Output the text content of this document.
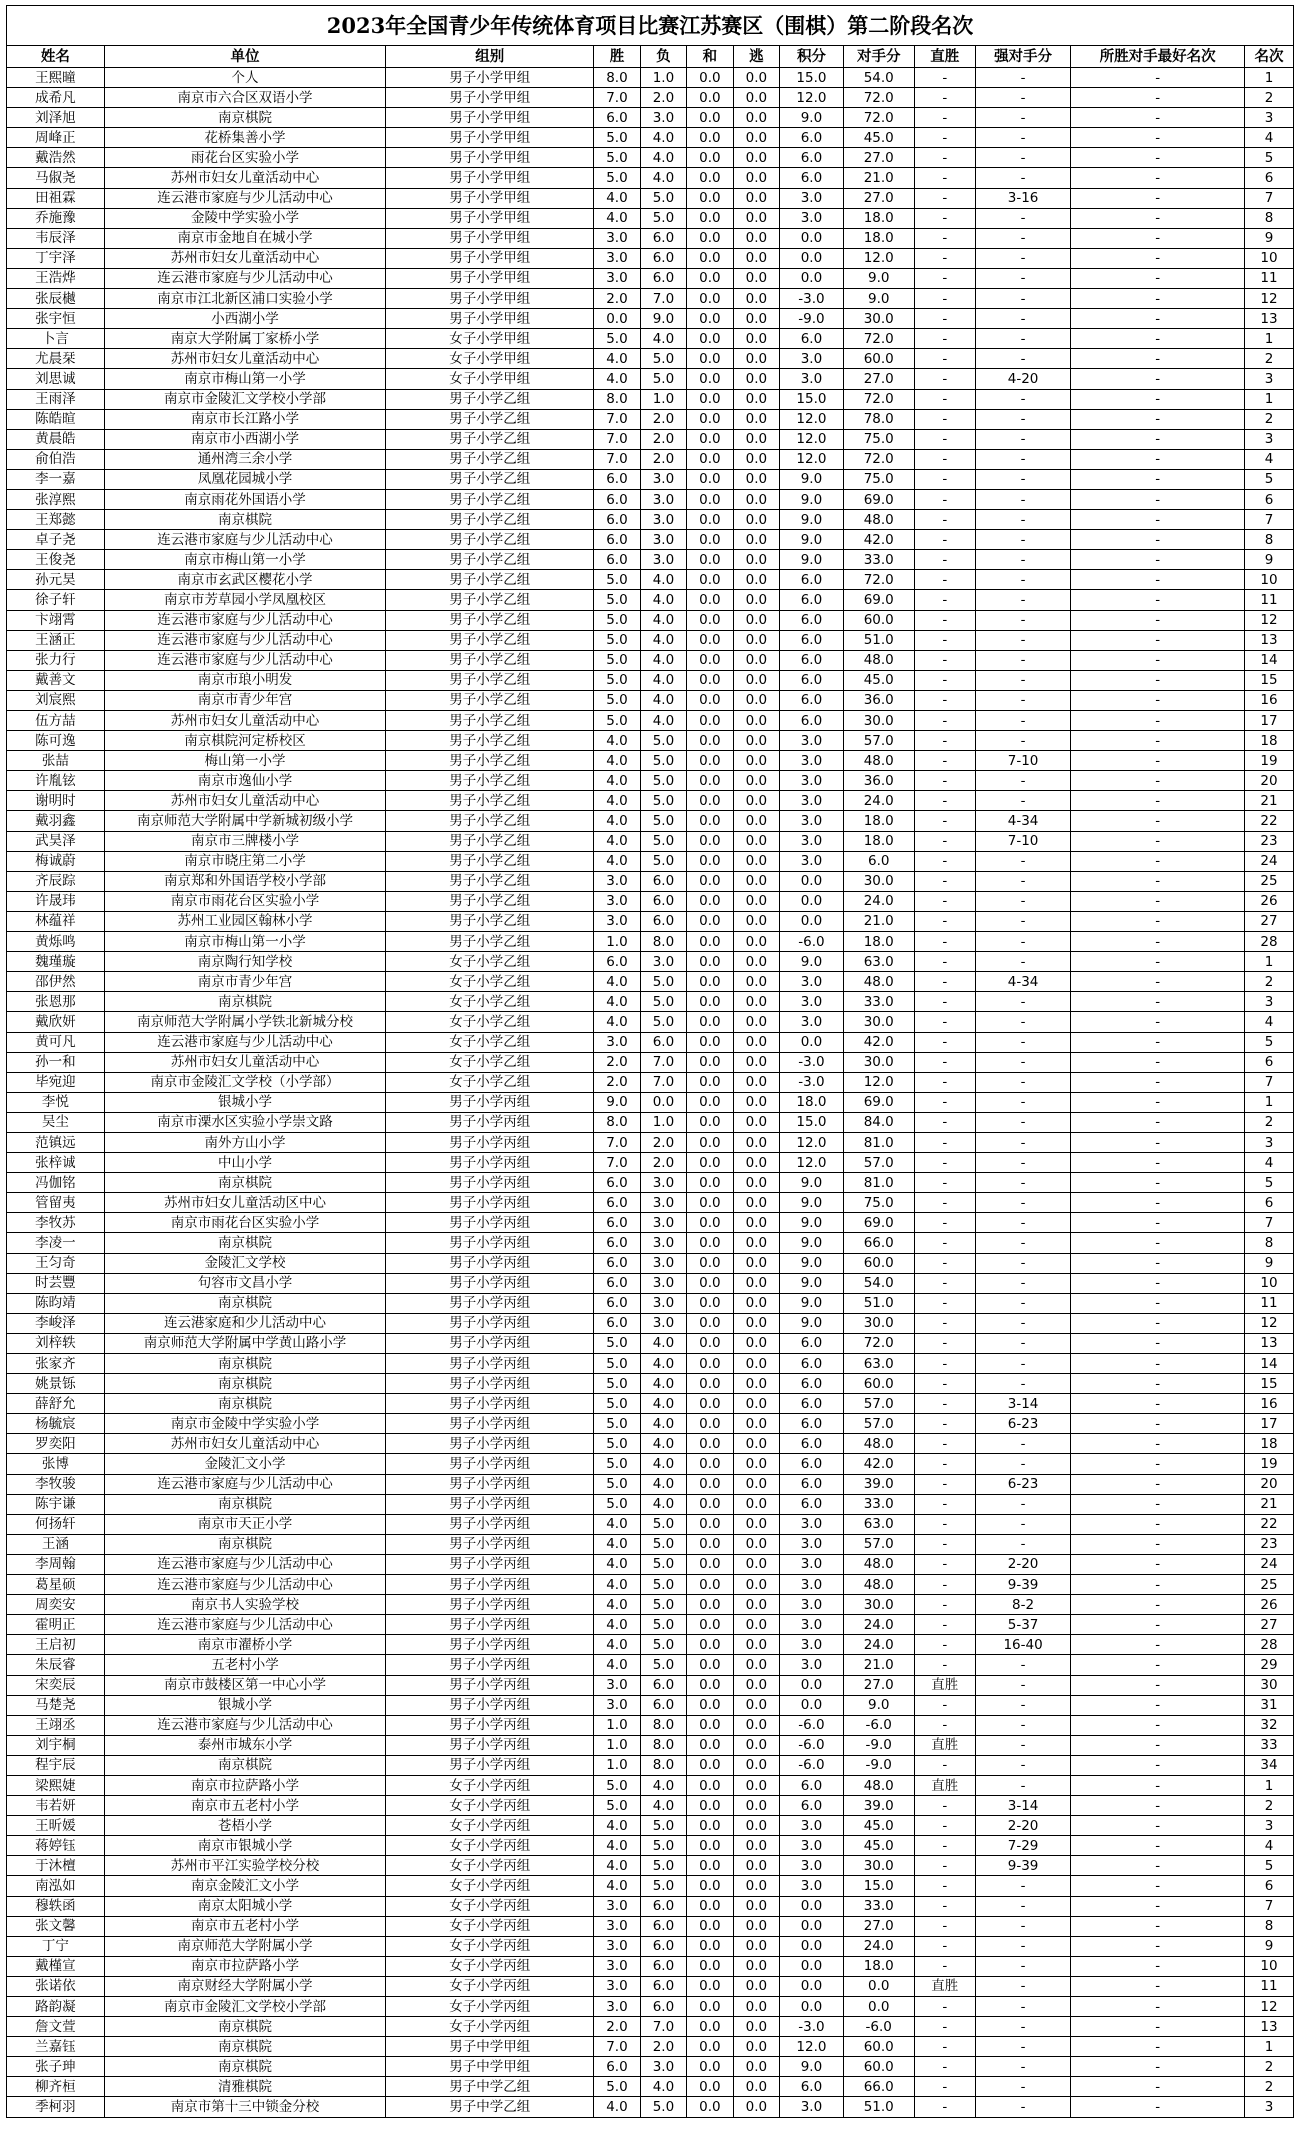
2023年全国青少年传统体育项目比赛江苏赛区（围棋）第二阶段名次
姓名	单位	组别	胜	负	和	逃	积分	对手分	直胜	强对手分	所胜对手最好名次	名次
王熙曈	个人	男子小学甲组	8.0	1.0	0.0	0.0	15.0	54.0	-	-	-	1
成希凡	南京市六合区双语小学	男子小学甲组	7.0	2.0	0.0	0.0	12.0	72.0	-	-	-	2
刘泽旭	南京棋院	男子小学甲组	6.0	3.0	0.0	0.0	9.0	72.0	-	-	-	3
周峰正	花桥集善小学	男子小学甲组	5.0	4.0	0.0	0.0	6.0	45.0	-	-	-	4
戴浩然	雨花台区实验小学	男子小学甲组	5.0	4.0	0.0	0.0	6.0	27.0	-	-	-	5
马俶尧	苏州市妇女儿童活动中心	男子小学甲组	5.0	4.0	0.0	0.0	6.0	21.0	-	-	-	6
田祖霖	连云港市家庭与少儿活动中心	男子小学甲组	4.0	5.0	0.0	0.0	3.0	27.0	-	3-16	-	7
乔施豫	金陵中学实验小学	男子小学甲组	4.0	5.0	0.0	0.0	3.0	18.0	-	-	-	8
韦辰泽	南京市金地自在城小学	男子小学甲组	3.0	6.0	0.0	0.0	0.0	18.0	-	-	-	9
丁宇泽	苏州市妇女儿童活动中心	男子小学甲组	3.0	6.0	0.0	0.0	0.0	12.0	-	-	-	10
王浩烨	连云港市家庭与少儿活动中心	男子小学甲组	3.0	6.0	0.0	0.0	0.0	9.0	-	-	-	11
张辰樾	南京市江北新区浦口实验小学	男子小学甲组	2.0	7.0	0.0	0.0	-3.0	9.0	-	-	-	12
张宇恒	小西湖小学	男子小学甲组	0.0	9.0	0.0	0.0	-9.0	30.0	-	-	-	13
卜言	南京大学附属丁家桥小学	女子小学甲组	5.0	4.0	0.0	0.0	6.0	72.0	-	-	-	1
尤晨栞	苏州市妇女儿童活动中心	女子小学甲组	4.0	5.0	0.0	0.0	3.0	60.0	-	-	-	2
刘思诚	南京市梅山第一小学	女子小学甲组	4.0	5.0	0.0	0.0	3.0	27.0	-	4-20	-	3
王雨泽	南京市金陵汇文学校小学部	男子小学乙组	8.0	1.0	0.0	0.0	15.0	72.0	-	-	-	1
陈皓暄	南京市长江路小学	男子小学乙组	7.0	2.0	0.0	0.0	12.0	78.0	-	-	-	2
黄晨皓	南京市小西湖小学	男子小学乙组	7.0	2.0	0.0	0.0	12.0	75.0	-	-	-	3
俞伯浩	通州湾三余小学	男子小学乙组	7.0	2.0	0.0	0.0	12.0	72.0	-	-	-	4
李一嘉	凤凰花园城小学	男子小学乙组	6.0	3.0	0.0	0.0	9.0	75.0	-	-	-	5
张淳熙	南京雨花外国语小学	男子小学乙组	6.0	3.0	0.0	0.0	9.0	69.0	-	-	-	6
王郑懿	南京棋院	男子小学乙组	6.0	3.0	0.0	0.0	9.0	48.0	-	-	-	7
卓子尧	连云港市家庭与少儿活动中心	男子小学乙组	6.0	3.0	0.0	0.0	9.0	42.0	-	-	-	8
王俊尧	南京市梅山第一小学	男子小学乙组	6.0	3.0	0.0	0.0	9.0	33.0	-	-	-	9
孙元昊	南京市玄武区樱花小学	男子小学乙组	5.0	4.0	0.0	0.0	6.0	72.0	-	-	-	10
徐子轩	南京市芳草园小学凤凰校区	男子小学乙组	5.0	4.0	0.0	0.0	6.0	69.0	-	-	-	11
卞翊霄	连云港市家庭与少儿活动中心	男子小学乙组	5.0	4.0	0.0	0.0	6.0	60.0	-	-	-	12
王涵正	连云港市家庭与少儿活动中心	男子小学乙组	5.0	4.0	0.0	0.0	6.0	51.0	-	-	-	13
张力行	连云港市家庭与少儿活动中心	男子小学乙组	5.0	4.0	0.0	0.0	6.0	48.0	-	-	-	14
戴善文	南京市琅小明发	男子小学乙组	5.0	4.0	0.0	0.0	6.0	45.0	-	-	-	15
刘宸熙	南京市青少年宫	男子小学乙组	5.0	4.0	0.0	0.0	6.0	36.0	-	-	-	16
伍方喆	苏州市妇女儿童活动中心	男子小学乙组	5.0	4.0	0.0	0.0	6.0	30.0	-	-	-	17
陈可逸	南京棋院河定桥校区	男子小学乙组	4.0	5.0	0.0	0.0	3.0	57.0	-	-	-	18
张喆	梅山第一小学	男子小学乙组	4.0	5.0	0.0	0.0	3.0	48.0	-	7-10	-	19
许胤铉	南京市逸仙小学	男子小学乙组	4.0	5.0	0.0	0.0	3.0	36.0	-	-	-	20
谢明时	苏州市妇女儿童活动中心	男子小学乙组	4.0	5.0	0.0	0.0	3.0	24.0	-	-	-	21
戴羽鑫	南京师范大学附属中学新城初级小学	男子小学乙组	4.0	5.0	0.0	0.0	3.0	18.0	-	4-34	-	22
武昊泽	南京市三牌楼小学	男子小学乙组	4.0	5.0	0.0	0.0	3.0	18.0	-	7-10	-	23
梅诚蔚	南京市晓庄第二小学	男子小学乙组	4.0	5.0	0.0	0.0	3.0	6.0	-	-	-	24
齐辰踪	南京郑和外国语学校小学部	男子小学乙组	3.0	6.0	0.0	0.0	0.0	30.0	-	-	-	25
许晟玮	南京市雨花台区实验小学	男子小学乙组	3.0	6.0	0.0	0.0	0.0	24.0	-	-	-	26
林蕴祥	苏州工业园区翰林小学	男子小学乙组	3.0	6.0	0.0	0.0	0.0	21.0	-	-	-	27
黄烁鸣	南京市梅山第一小学	男子小学乙组	1.0	8.0	0.0	0.0	-6.0	18.0	-	-	-	28
魏瑾璇	南京陶行知学校	女子小学乙组	6.0	3.0	0.0	0.0	9.0	63.0	-	-	-	1
邵伊然	南京市青少年宫	女子小学乙组	4.0	5.0	0.0	0.0	3.0	48.0	-	4-34	-	2
张恩那	南京棋院	女子小学乙组	4.0	5.0	0.0	0.0	3.0	33.0	-	-	-	3
戴欣妍	南京师范大学附属小学铁北新城分校	女子小学乙组	4.0	5.0	0.0	0.0	3.0	30.0	-	-	-	4
黄可凡	连云港市家庭与少儿活动中心	女子小学乙组	3.0	6.0	0.0	0.0	0.0	42.0	-	-	-	5
孙一和	苏州市妇女儿童活动中心	女子小学乙组	2.0	7.0	0.0	0.0	-3.0	30.0	-	-	-	6
毕宛迎	南京市金陵汇文学校（小学部）	女子小学乙组	2.0	7.0	0.0	0.0	-3.0	12.0	-	-	-	7
李悦	银城小学	男子小学丙组	9.0	0.0	0.0	0.0	18.0	69.0	-	-	-	1
吴尘	南京市溧水区实验小学崇文路	男子小学丙组	8.0	1.0	0.0	0.0	15.0	84.0	-	-	-	2
范镇远	南外方山小学	男子小学丙组	7.0	2.0	0.0	0.0	12.0	81.0	-	-	-	3
张梓诚	中山小学	男子小学丙组	7.0	2.0	0.0	0.0	12.0	57.0	-	-	-	4
冯伽铭	南京棋院	男子小学丙组	6.0	3.0	0.0	0.0	9.0	81.0	-	-	-	5
管留夷	苏州市妇女儿童活动区中心	男子小学丙组	6.0	3.0	0.0	0.0	9.0	75.0	-	-	-	6
李牧苏	南京市雨花台区实验小学	男子小学丙组	6.0	3.0	0.0	0.0	9.0	69.0	-	-	-	7
李凌一	南京棋院	男子小学丙组	6.0	3.0	0.0	0.0	9.0	66.0	-	-	-	8
王匀奇	金陵汇文学校	男子小学丙组	6.0	3.0	0.0	0.0	9.0	60.0	-	-	-	9
时芸豐	句容市文昌小学	男子小学丙组	6.0	3.0	0.0	0.0	9.0	54.0	-	-	-	10
陈昀靖	南京棋院	男子小学丙组	6.0	3.0	0.0	0.0	9.0	51.0	-	-	-	11
李峻泽	连云港家庭和少儿活动中心	男子小学丙组	6.0	3.0	0.0	0.0	9.0	30.0	-	-	-	12
刘梓轶	南京师范大学附属中学黄山路小学	男子小学丙组	5.0	4.0	0.0	0.0	6.0	72.0	-	-	-	13
张家齐	南京棋院	男子小学丙组	5.0	4.0	0.0	0.0	6.0	63.0	-	-	-	14
姚景铄	南京棋院	男子小学丙组	5.0	4.0	0.0	0.0	6.0	60.0	-	-	-	15
薛舒允	南京棋院	男子小学丙组	5.0	4.0	0.0	0.0	6.0	57.0	-	3-14	-	16
杨毓宸	南京市金陵中学实验小学	男子小学丙组	5.0	4.0	0.0	0.0	6.0	57.0	-	6-23	-	17
罗奕阳	苏州市妇女儿童活动中心	男子小学丙组	5.0	4.0	0.0	0.0	6.0	48.0	-	-	-	18
张博	金陵汇文小学	男子小学丙组	5.0	4.0	0.0	0.0	6.0	42.0	-	-	-	19
李牧骏	连云港市家庭与少儿活动中心	男子小学丙组	5.0	4.0	0.0	0.0	6.0	39.0	-	6-23	-	20
陈宇谦	南京棋院	男子小学丙组	5.0	4.0	0.0	0.0	6.0	33.0	-	-	-	21
何扬轩	南京市天正小学	男子小学丙组	4.0	5.0	0.0	0.0	3.0	63.0	-	-	-	22
王涵	南京棋院	男子小学丙组	4.0	5.0	0.0	0.0	3.0	57.0	-	-	-	23
李周翰	连云港市家庭与少儿活动中心	男子小学丙组	4.0	5.0	0.0	0.0	3.0	48.0	-	2-20	-	24
葛星硕	连云港市家庭与少儿活动中心	男子小学丙组	4.0	5.0	0.0	0.0	3.0	48.0	-	9-39	-	25
周奕安	南京书人实验学校	男子小学丙组	4.0	5.0	0.0	0.0	3.0	30.0	-	8-2	-	26
霍明正	连云港市家庭与少儿活动中心	男子小学丙组	4.0	5.0	0.0	0.0	3.0	24.0	-	5-37	-	27
王启初	南京市濯桥小学	男子小学丙组	4.0	5.0	0.0	0.0	3.0	24.0	-	16-40	-	28
朱辰睿	五老村小学	男子小学丙组	4.0	5.0	0.0	0.0	3.0	21.0	-	-	-	29
宋奕辰	南京市鼓楼区第一中心小学	男子小学丙组	3.0	6.0	0.0	0.0	0.0	27.0	直胜	-	-	30
马楚尧	银城小学	男子小学丙组	3.0	6.0	0.0	0.0	0.0	9.0	-	-	-	31
王翊丞	连云港市家庭与少儿活动中心	男子小学丙组	1.0	8.0	0.0	0.0	-6.0	-6.0	-	-	-	32
刘宇桐	泰州市城东小学	男子小学丙组	1.0	8.0	0.0	0.0	-6.0	-9.0	直胜	-	-	33
程宇辰	南京棋院	男子小学丙组	1.0	8.0	0.0	0.0	-6.0	-9.0	-	-	-	34
梁熙婕	南京市拉萨路小学	女子小学丙组	5.0	4.0	0.0	0.0	6.0	48.0	直胜	-	-	1
韦若妍	南京市五老村小学	女子小学丙组	5.0	4.0	0.0	0.0	6.0	39.0	-	3-14	-	2
王昕媛	苍梧小学	女子小学丙组	4.0	5.0	0.0	0.0	3.0	45.0	-	2-20	-	3
蒋婷钰	南京市银城小学	女子小学丙组	4.0	5.0	0.0	0.0	3.0	45.0	-	7-29	-	4
于沐檀	苏州市平江实验学校分校	女子小学丙组	4.0	5.0	0.0	0.0	3.0	30.0	-	9-39	-	5
南泓如	南京金陵汇文小学	女子小学丙组	4.0	5.0	0.0	0.0	3.0	15.0	-	-	-	6
穆轶函	南京太阳城小学	女子小学丙组	3.0	6.0	0.0	0.0	0.0	33.0	-	-	-	7
张文馨	南京市五老村小学	女子小学丙组	3.0	6.0	0.0	0.0	0.0	27.0	-	-	-	8
丁宁	南京师范大学附属小学	女子小学丙组	3.0	6.0	0.0	0.0	0.0	24.0	-	-	-	9
戴槿宣	南京市拉萨路小学	女子小学丙组	3.0	6.0	0.0	0.0	0.0	18.0	-	-	-	10
张诺依	南京财经大学附属小学	女子小学丙组	3.0	6.0	0.0	0.0	0.0	0.0	直胜	-	-	11
路韵凝	南京市金陵汇文学校小学部	女子小学丙组	3.0	6.0	0.0	0.0	0.0	0.0	-	-	-	12
詹文萱	南京棋院	女子小学丙组	2.0	7.0	0.0	0.0	-3.0	-6.0	-	-	-	13
兰嘉钰	南京棋院	男子中学甲组	7.0	2.0	0.0	0.0	12.0	60.0	-	-	-	1
张子珅	南京棋院	男子中学甲组	6.0	3.0	0.0	0.0	9.0	60.0	-	-	-	2
柳齐桓	清雅棋院	男子中学乙组	5.0	4.0	0.0	0.0	6.0	66.0	-	-	-	2
季柯羽	南京市第十三中锁金分校	男子中学乙组	4.0	5.0	0.0	0.0	3.0	51.0	-	-	-	3
